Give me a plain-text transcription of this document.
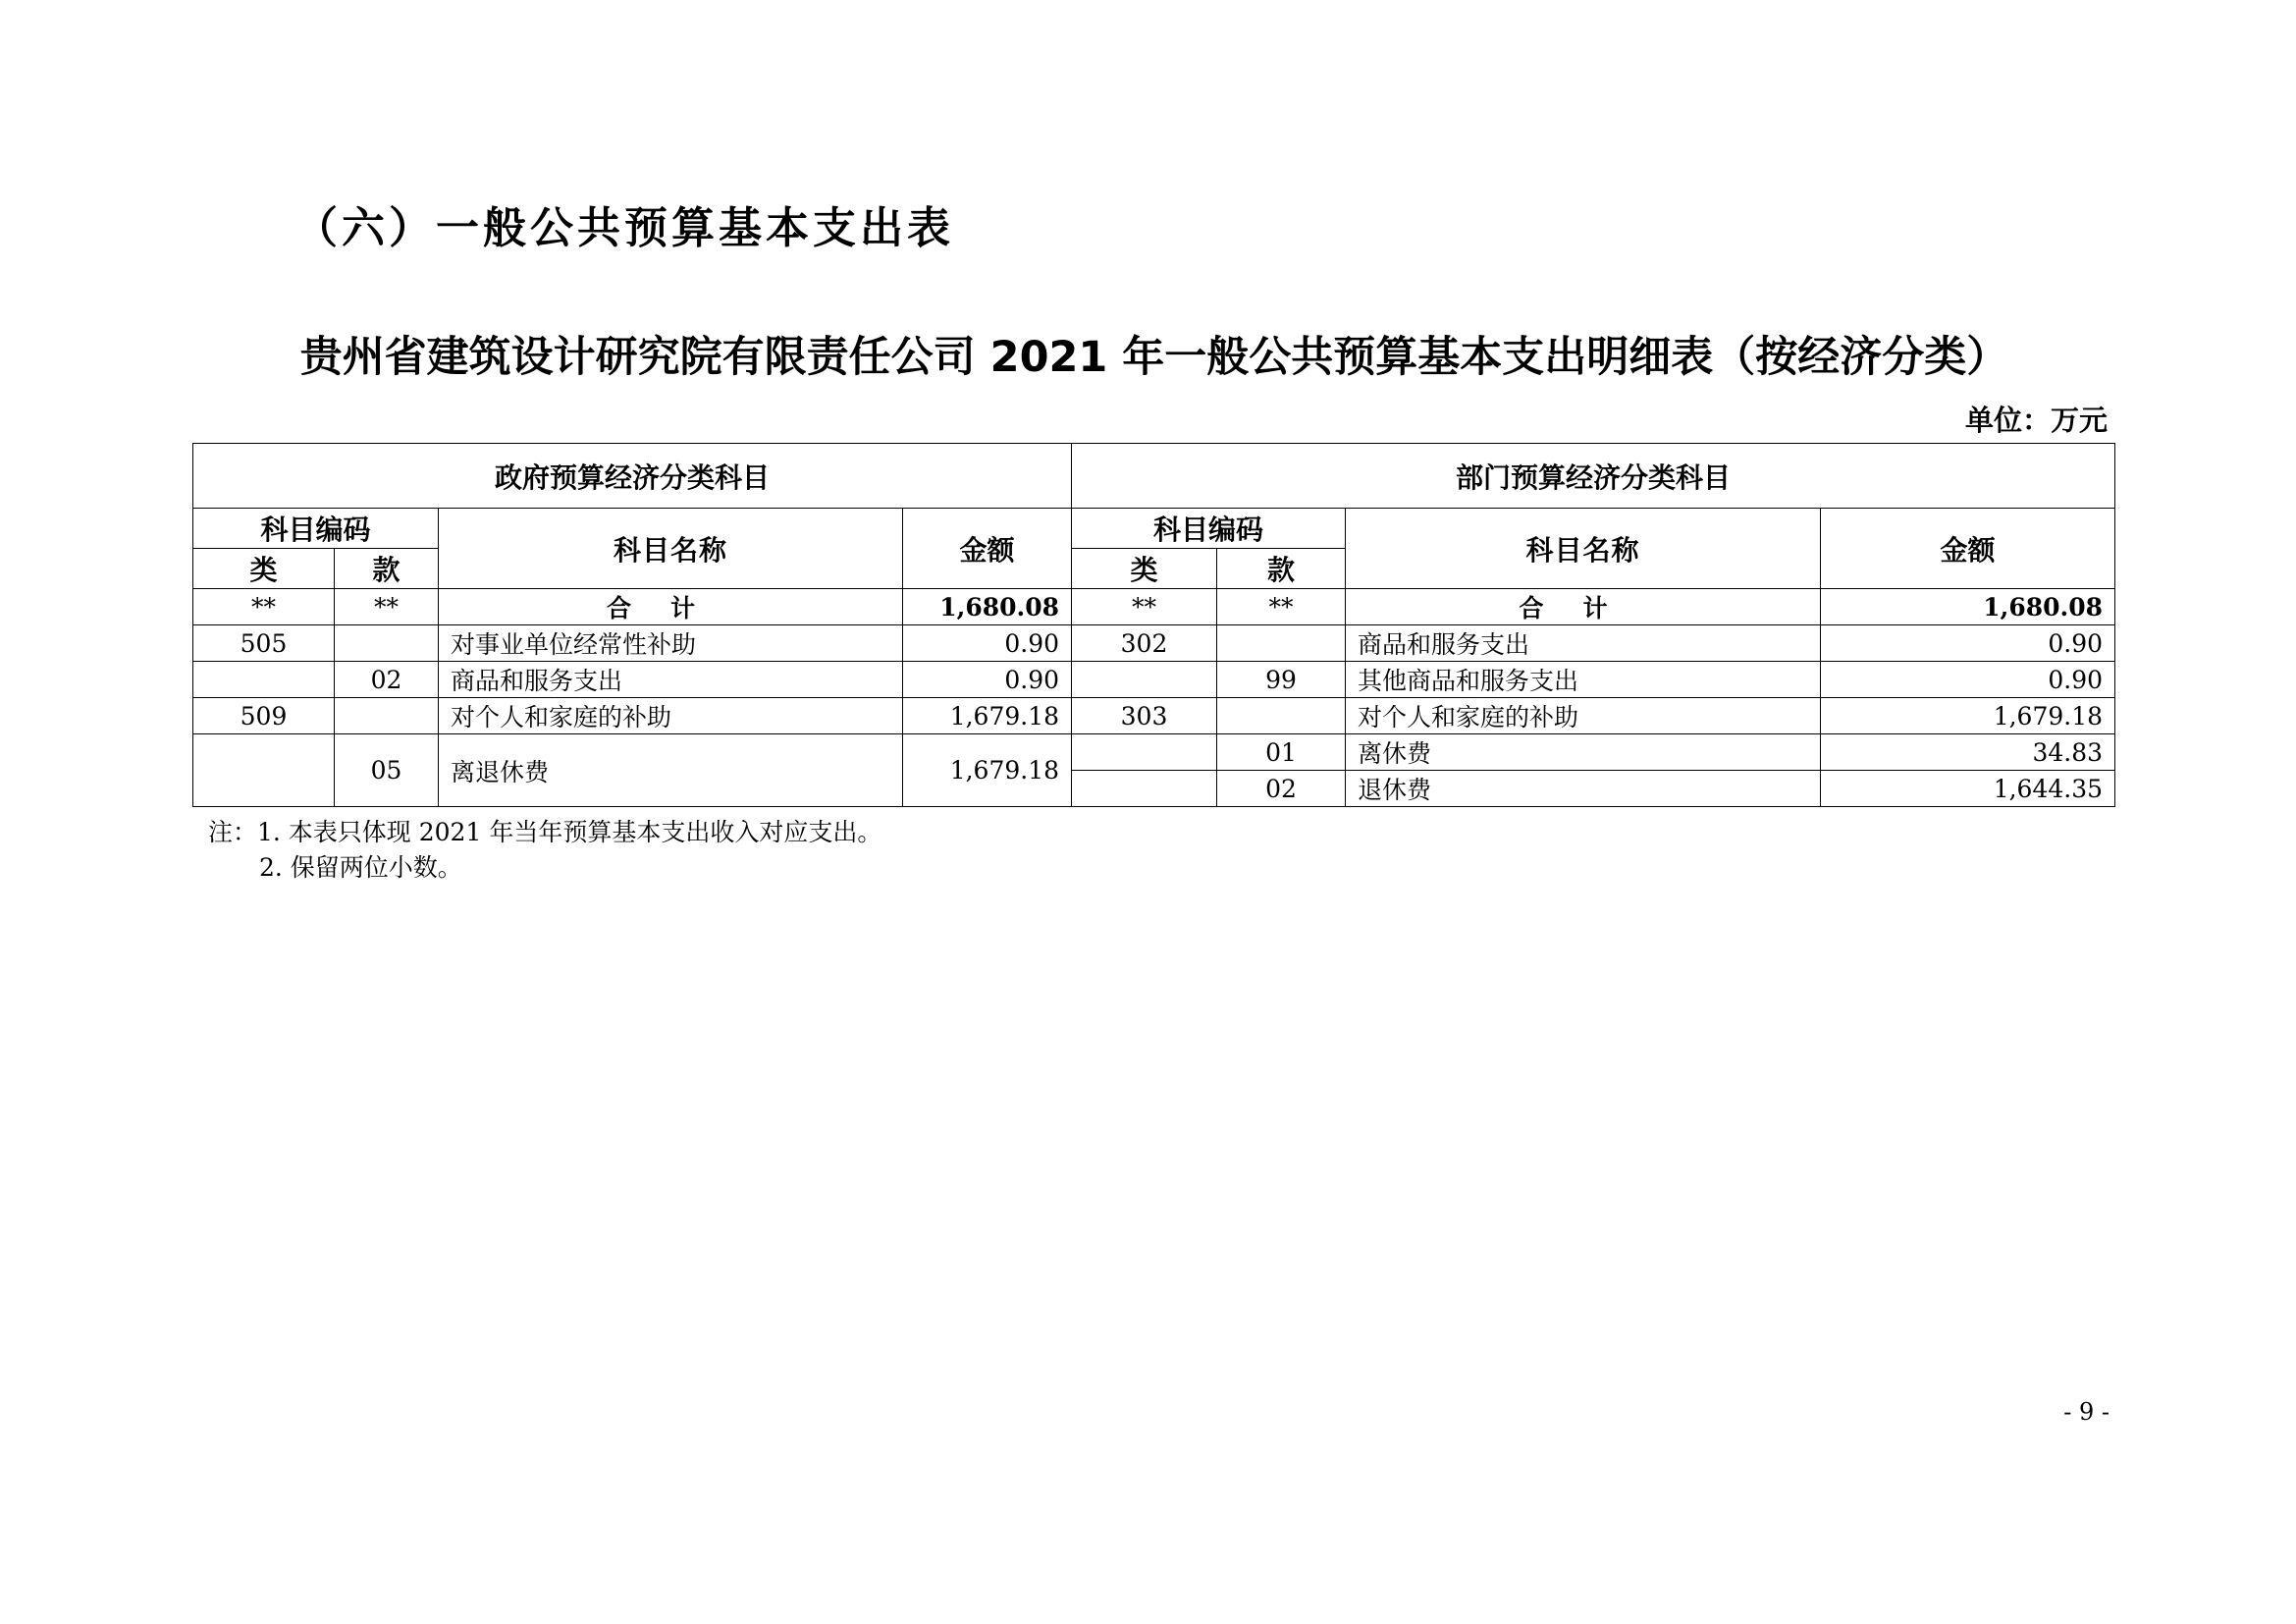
（六）一般公共预算基本支出表
贵州省建筑设计研究院有限责任公司 2021 年一般公共预算基本支出明细表（按经济分类）
单位：万元
政府预算经济分类科目				部门预算经济分类科目			
科目编码		科目名称	金额	科目编码		科目名称	金额
类	款			类	款		
**	**	合计	1,680.08	**	**	合计	1,680.08
505		对事业单位经常性补助	0.90	302		商品和服务支出	0.90
	02	商品和服务支出	0.90		99	其他商品和服务支出	0.90
509		对个人和家庭的补助	1,679.18	303		对个人和家庭的补助	1,679.18
	05	离退休费	1,679.18		01	离休费	34.83
					02	退休费	1,644.35
注：1. 本表只体现 2021 年当年预算基本支出收入对应支出。
2. 保留两位小数。
- 9 -
